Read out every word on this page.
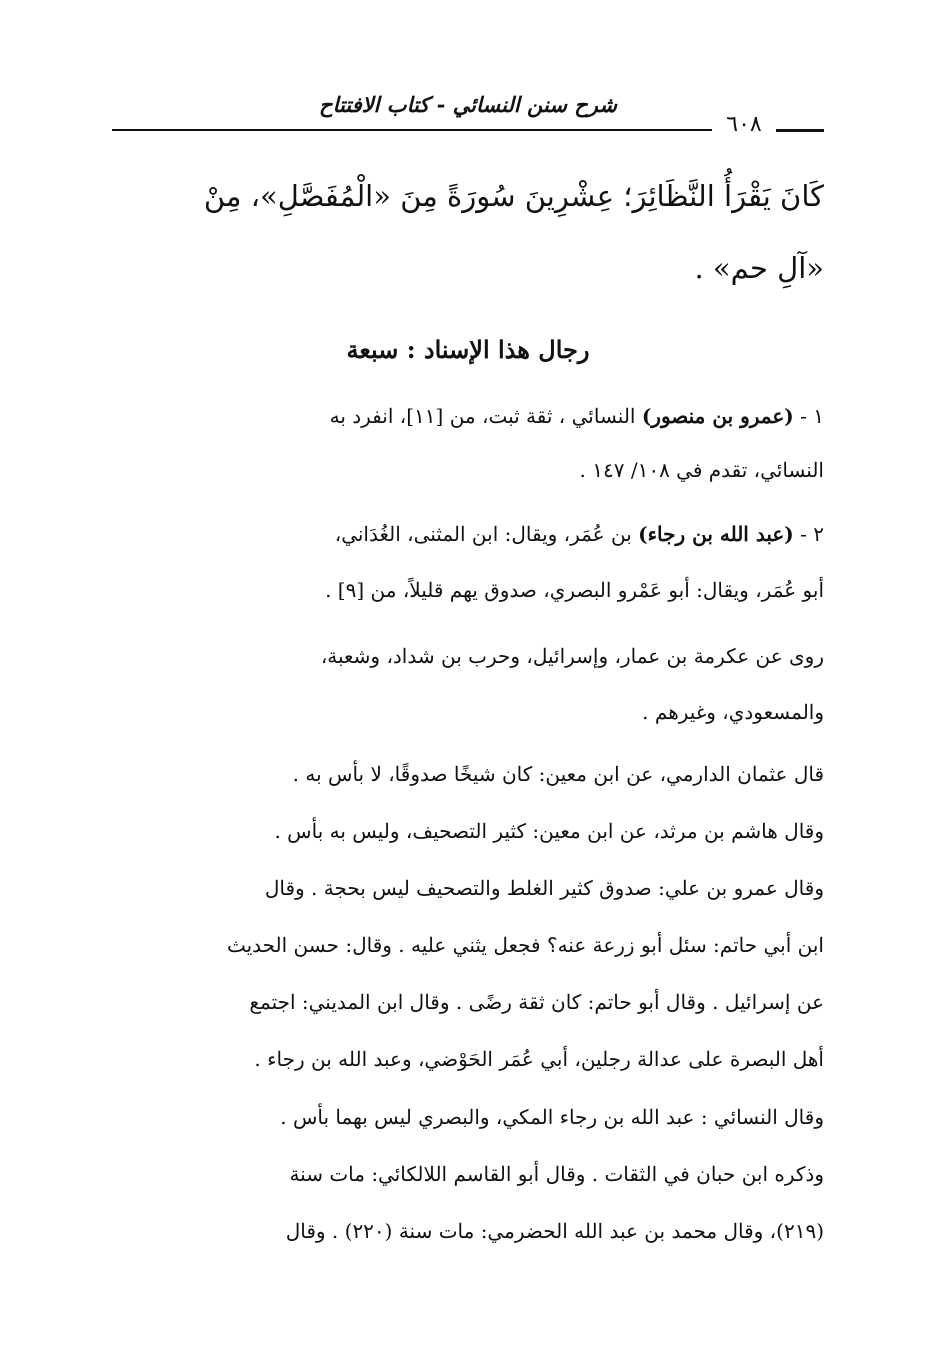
شرح سنن النسائي - كتاب الافتتاح
٦٠٨
كَانَ يَقْرَأُ النَّظَائِرَ؛ عِشْرِينَ سُورَةً مِنَ «الْمُفَصَّلِ»، مِنْ
«آلِ حم» .
رجال هذا الإسناد : سبعة
١ - (عمرو بن منصور) النسائي ، ثقة ثبت، من [١١]، انفرد به
النسائي، تقدم في ١٠٨/ ١٤٧ .
٢ - (عبد الله بن رجاء) بن عُمَر، ويقال: ابن المثنى، الغُدَاني،
أبو عُمَر، ويقال: أبو عَمْرو البصري، صدوق يهم قليلاً، من [٩] .
روى عن عكرمة بن عمار، وإسرائيل، وحرب بن شداد، وشعبة،
والمسعودي، وغيرهم .
قال عثمان الدارمي، عن ابن معين: كان شيخًا صدوقًا، لا بأس به .
وقال هاشم بن مرثد، عن ابن معين: كثير التصحيف، وليس به بأس .
وقال عمرو بن علي: صدوق كثير الغلط والتصحيف ليس بحجة . وقال
ابن أبي حاتم: سئل أبو زرعة عنه؟ فجعل يثني عليه . وقال: حسن الحديث
عن إسرائيل . وقال أبو حاتم: كان ثقة رضًى . وقال ابن المديني: اجتمع
أهل البصرة على عدالة رجلين، أبي عُمَر الحَوْضي، وعبد الله بن رجاء .
وقال النسائي : عبد الله بن رجاء المكي، والبصري ليس بهما بأس .
وذكره ابن حبان في الثقات . وقال أبو القاسم اللالكائي: مات سنة
(٢١٩)، وقال محمد بن عبد الله الحضرمي: مات سنة (٢٢٠) . وقال
